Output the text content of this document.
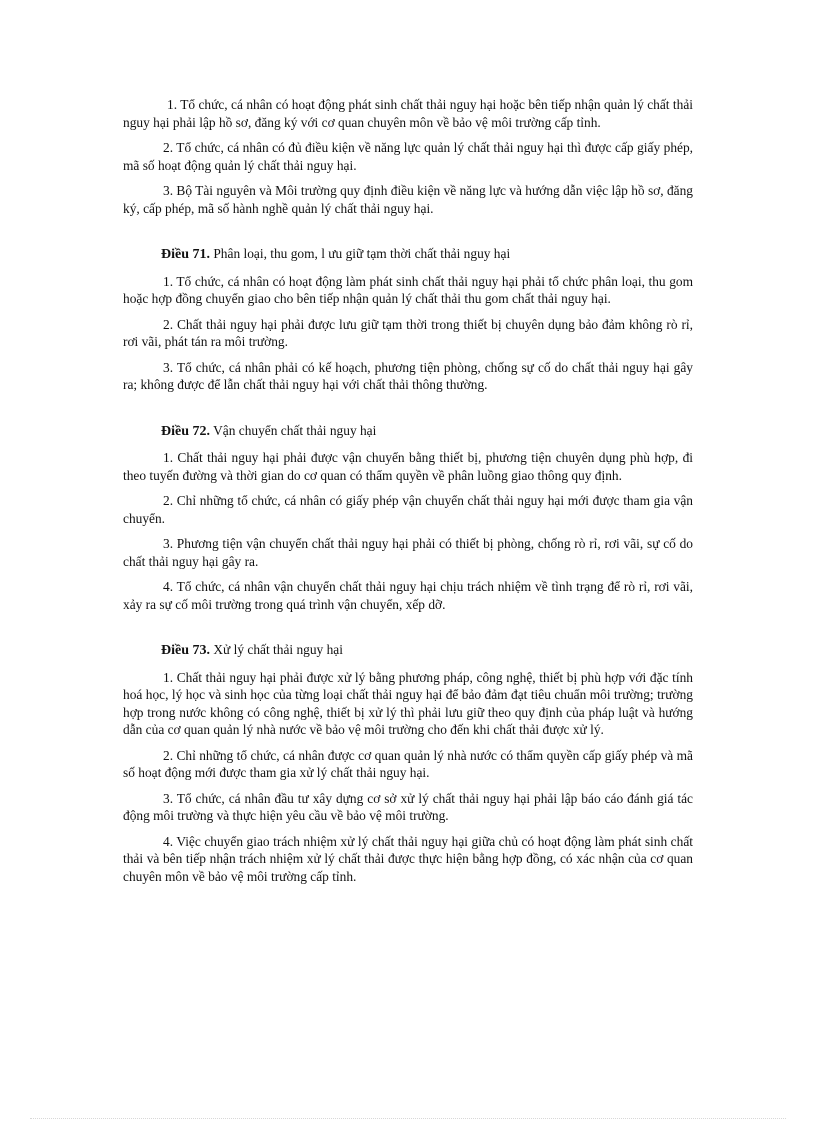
1. Tổ chức, cá nhân có hoạt động phát sinh chất thải nguy hại hoặc bên tiếp nhận quản lý chất thải nguy hại phải lập hồ sơ, đăng ký với cơ quan chuyên môn về bảo vệ môi trường cấp tỉnh.

2. Tổ chức, cá nhân có đủ điều kiện về năng lực quản lý chất thải nguy hại thì được cấp giấy phép, mã số hoạt động quản lý chất thải nguy hại.

3. Bộ Tài nguyên và Môi trường quy định điều kiện về năng lực và hướng dẫn việc lập hồ sơ, đăng ký, cấp phép, mã số hành nghề quản lý chất thải nguy hại.

Điều 71. Phân loại, thu gom, l ưu giữ tạm thời chất thải nguy hại

1. Tổ chức, cá nhân có hoạt động làm phát sinh chất thải nguy hại phải tổ chức phân loại, thu gom hoặc hợp đồng chuyển giao cho bên tiếp nhận quản lý chất thải thu gom chất thải nguy hại.

2. Chất thải nguy hại phải được lưu giữ tạm thời trong thiết bị chuyên dụng bảo đảm không rò rỉ, rơi vãi, phát tán ra môi trường.

3. Tổ chức, cá nhân phải có kế hoạch, phương tiện phòng, chống sự cố do chất thải nguy hại gây ra; không được để lẫn chất thải nguy hại với chất thải thông thường.

Điều 72. Vận chuyển chất thải nguy hại

1. Chất thải nguy hại phải được vận chuyển bằng thiết bị, phương tiện chuyên dụng phù hợp, đi theo tuyến đường và thời gian do cơ quan có thẩm quyền về phân luồng giao thông quy định.

2. Chỉ những tổ chức, cá nhân có giấy phép vận chuyển chất thải nguy hại mới được tham gia vận chuyển.

3. Phương tiện vận chuyển chất thải nguy hại phải có thiết bị phòng, chống rò rỉ, rơi vãi, sự cố do chất thải nguy hại gây ra.

4. Tổ chức, cá nhân vận chuyển chất thải nguy hại chịu trách nhiệm về tình trạng để rò rỉ, rơi vãi, xảy ra sự cố môi trường trong quá trình vận chuyển, xếp dỡ.

Điều 73. Xử lý chất thải nguy hại

1. Chất thải nguy hại phải được xử lý bằng phương pháp, công nghệ, thiết bị phù hợp với đặc tính hoá học, lý học và sinh học của từng loại chất thải nguy hại để bảo đảm đạt tiêu chuẩn môi trường; trường hợp trong nước không có công nghệ, thiết bị xử lý thì phải lưu giữ theo quy định của pháp luật và hướng dẫn của cơ quan quản lý nhà nước về bảo vệ môi trường cho đến khi chất thải được xử lý.

2. Chỉ những tổ chức, cá nhân được cơ quan quản lý nhà nước có thẩm quyền cấp giấy phép và mã số hoạt động mới được tham gia xử lý chất thải nguy hại.

3. Tổ chức, cá nhân đầu tư xây dựng cơ sở xử lý chất thải nguy hại phải lập báo cáo đánh giá tác động môi trường và thực hiện yêu cầu về bảo vệ môi trường.

4. Việc chuyển giao trách nhiệm xử lý chất thải nguy hại giữa chủ có hoạt động làm phát sinh chất thải và bên tiếp nhận trách nhiệm xử lý chất thải được thực hiện bằng hợp đồng, có xác nhận của cơ quan chuyên môn về bảo vệ môi trường cấp tỉnh.
